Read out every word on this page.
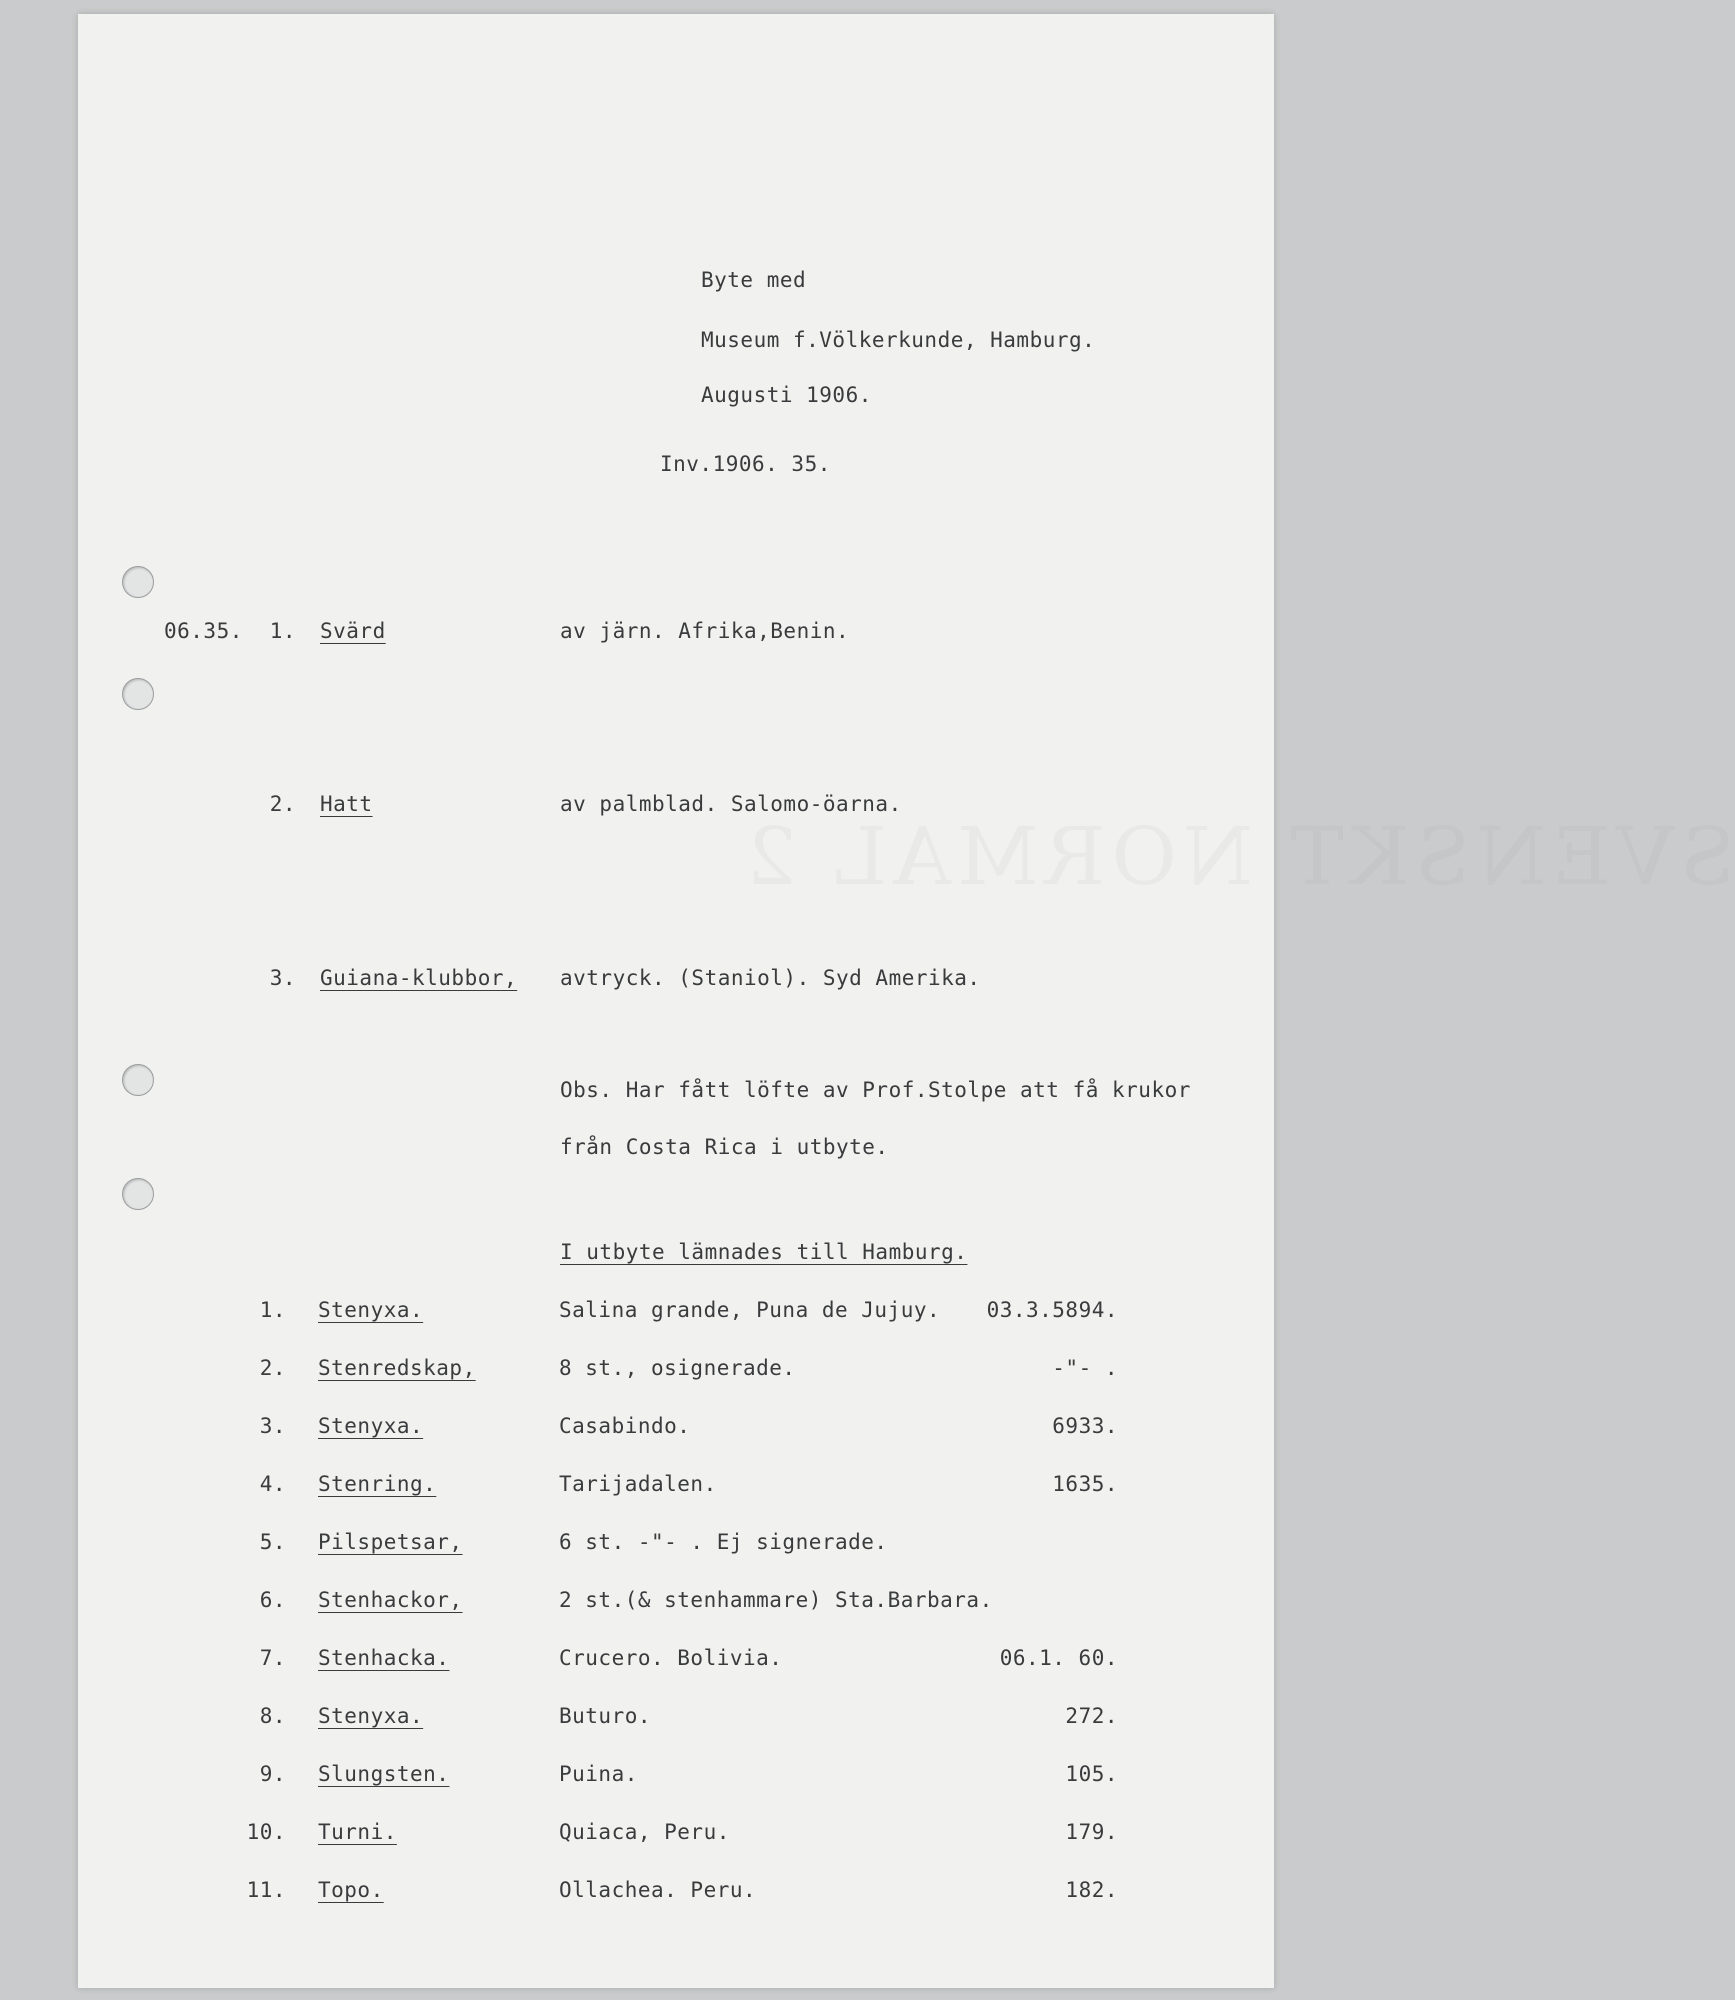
SVENSKT NORMAL 2
Byte med
Museum f.Völkerkunde, Hamburg.
Augusti 1906.
Inv.1906. 35.
06.35.	1. Svärd	av järn. Afrika,Benin.
2. Hatt	av palmblad. Salomo-öarna.
3. Guiana-klubbor, avtryck. (Staniol). Syd Amerika.
Obs. Har fått löfte av Prof.Stolpe att få krukor
från Costa Rica i utbyte.
I utbyte lämnades till Hamburg.
1. Stenyxa.	Salina grande, Puna de Jujuy. 03.3.5894.
2. Stenredskap,	8 st., osignerade.	-"- .
3. Stenyxa.	Casabindo.	6933.
4. Stenring.	Tarijadalen.	1635.
5. Pilspetsar,	6 st. -"- . Ej signerade.
6. Stenhackor,	2 st.(& stenhammare) Sta.Barbara.
7. Stenhacka.	Crucero. Bolivia.	06.1. 60.
8. Stenyxa.	Buturo.	272.
9. Slungsten.	Puina.	105.
10. Turni.	Quiaca, Peru.	179.
11. Topo.	Ollachea. Peru.	182.
